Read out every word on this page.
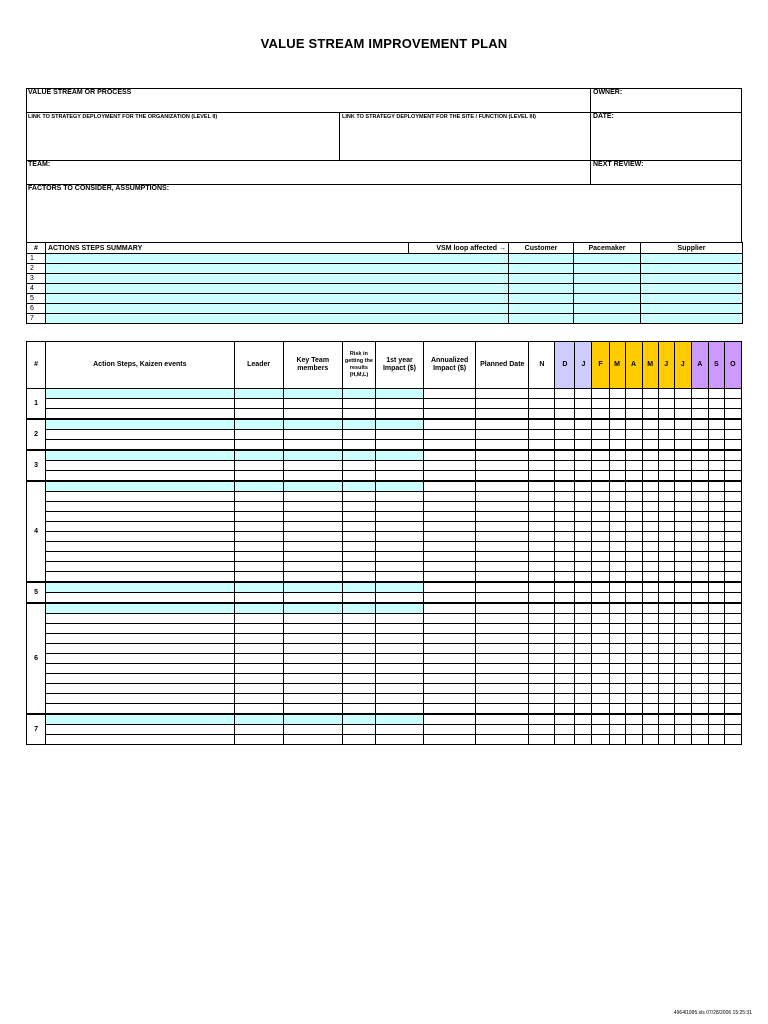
VALUE STREAM IMPROVEMENT PLAN
VALUE STREAM OR PROCESS	OWNER:
LINK TO STRATEGY DEPLOYMENT FOR THE ORGANIZATION (LEVEL II)	LINK TO STRATEGY DEPLOYMENT FOR THE SITE / FUNCTION (LEVEL III)	DATE:
TEAM:	NEXT REVIEW:
FACTORS TO CONSIDER, ASSUMPTIONS:
#	ACTIONS STEPS SUMMARY	VSM loop affected →	Customer	Pacemaker	Supplier
1					
2					
3					
4					
5					
6					
7					
#	Action Steps, Kaizen events	Leader	Key Team members	Risk in getting the results (H,M,L)	1st year Impact ($)	Annualized Impact ($)	Planned Date	N	D	J	F	M	A	M	J	J	A	S	O
1																			

2																			

3																			

4																			

5																			

6																			

7																			

4964l1995.xls 07/28/2006 15:25:31
